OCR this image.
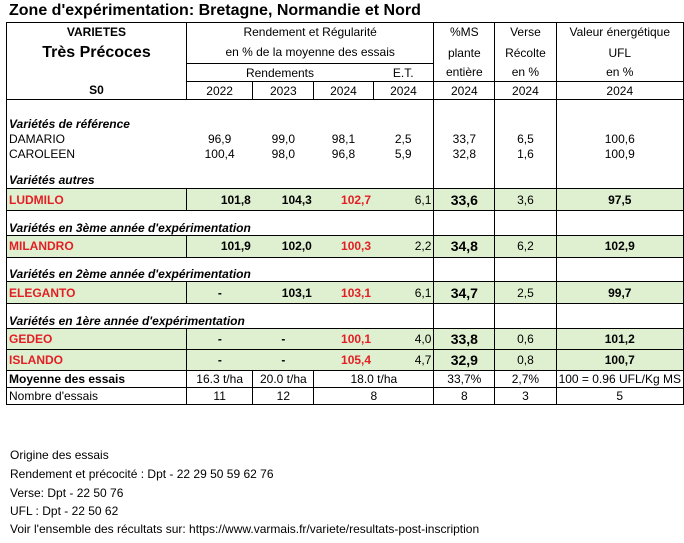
Zone d'expérimentation: Bretagne, Normandie et Nord
VARIETES	Rendement et Régularité				%MS	Verse	Valeur énergétique
Très Précoces	en % de la moyenne des essais				plante	Récolte	UFL
	Rendements			E.T.	entière	en %	en %
S0	2022	2023	2024	2024	2024	2024	2024

Variétés de référence							
DAMARIO	96,9	99,0	98,1	2,5	33,7	6,5	100,6
CAROLEEN	100,4	98,0	96,8	5,9	32,8	1,6	100,9

Variétés autres							
LUDMILO	101,8	104,3	102,7	6,1	33,6	3,6	97,5

Variétés en 3ème année d'expérimentation							
MILANDRO	101,9	102,0	100,3	2,2	34,8	6,2	102,9

Variétés en 2ème année d'expérimentation							
ELEGANTO	-	103,1	103,1	6,1	34,7	2,5	99,7

Variétés en 1ère année d'expérimentation							
GEDEO	-	-	100,1	4,0	33,8	0,6	101,2
ISLANDO	-	-	105,4	4,7	32,9	0,8	100,7
Moyenne des essais	16.3 t/ha	20.0 t/ha	18.0 t/ha		33,7%	2,7%	100 = 0.96 UFL/Kg MS
Nombre d'essais	11	12	8		8	3	5
Origine des essais
Rendement et précocité : Dpt - 22 29 50 59 62 76
Verse: Dpt - 22 50 76
UFL : Dpt - 22 50 62
Voir l'ensemble des récultats sur: https://www.varmais.fr/variete/resultats-post-inscription
